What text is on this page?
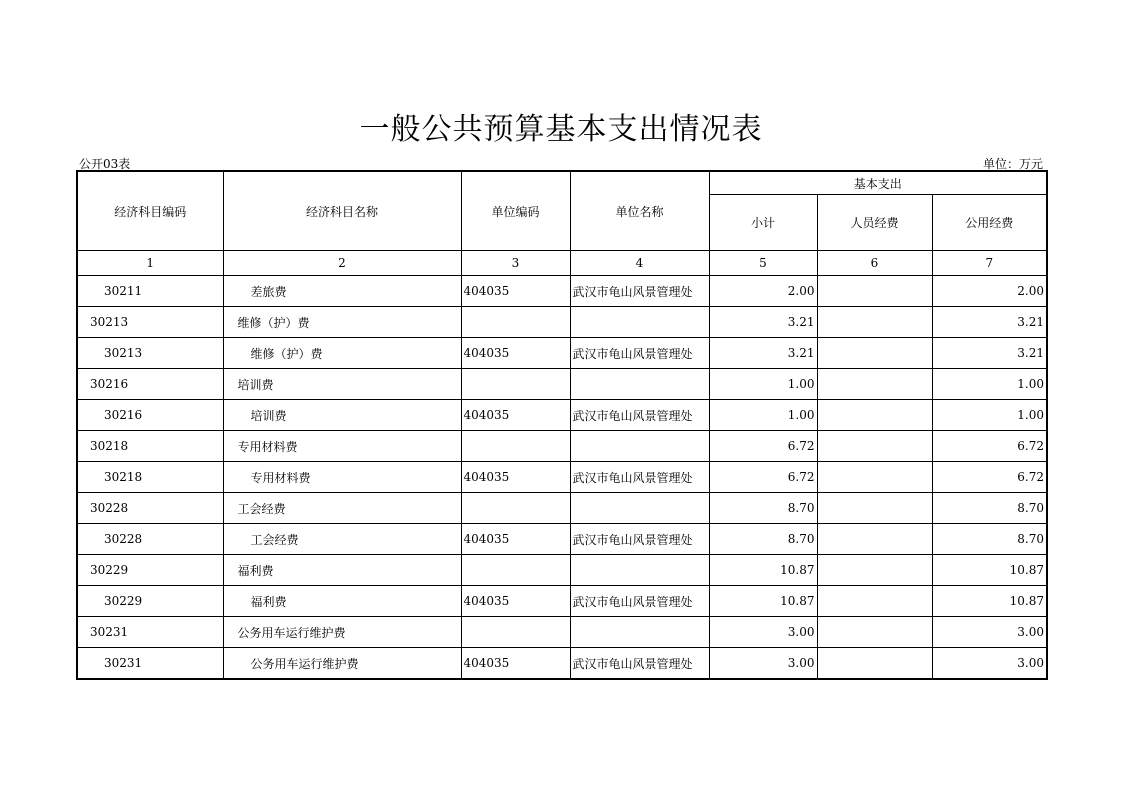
一般公共预算基本支出情况表
公开03表	单位：万元
经济科目编码	经济科目名称	单位编码	单位名称	基本支出		
				小计	人员经费	公用经费
1	2	3	4	5	6	7
30211	差旅费	404035	武汉市龟山风景管理处	2.00		2.00
30213	维修（护）费			3.21		3.21
30213	维修（护）费	404035	武汉市龟山风景管理处	3.21		3.21
30216	培训费			1.00		1.00
30216	培训费	404035	武汉市龟山风景管理处	1.00		1.00
30218	专用材料费			6.72		6.72
30218	专用材料费	404035	武汉市龟山风景管理处	6.72		6.72
30228	工会经费			8.70		8.70
30228	工会经费	404035	武汉市龟山风景管理处	8.70		8.70
30229	福利费			10.87		10.87
30229	福利费	404035	武汉市龟山风景管理处	10.87		10.87
30231	公务用车运行维护费			3.00		3.00
30231	公务用车运行维护费	404035	武汉市龟山风景管理处	3.00		3.00
